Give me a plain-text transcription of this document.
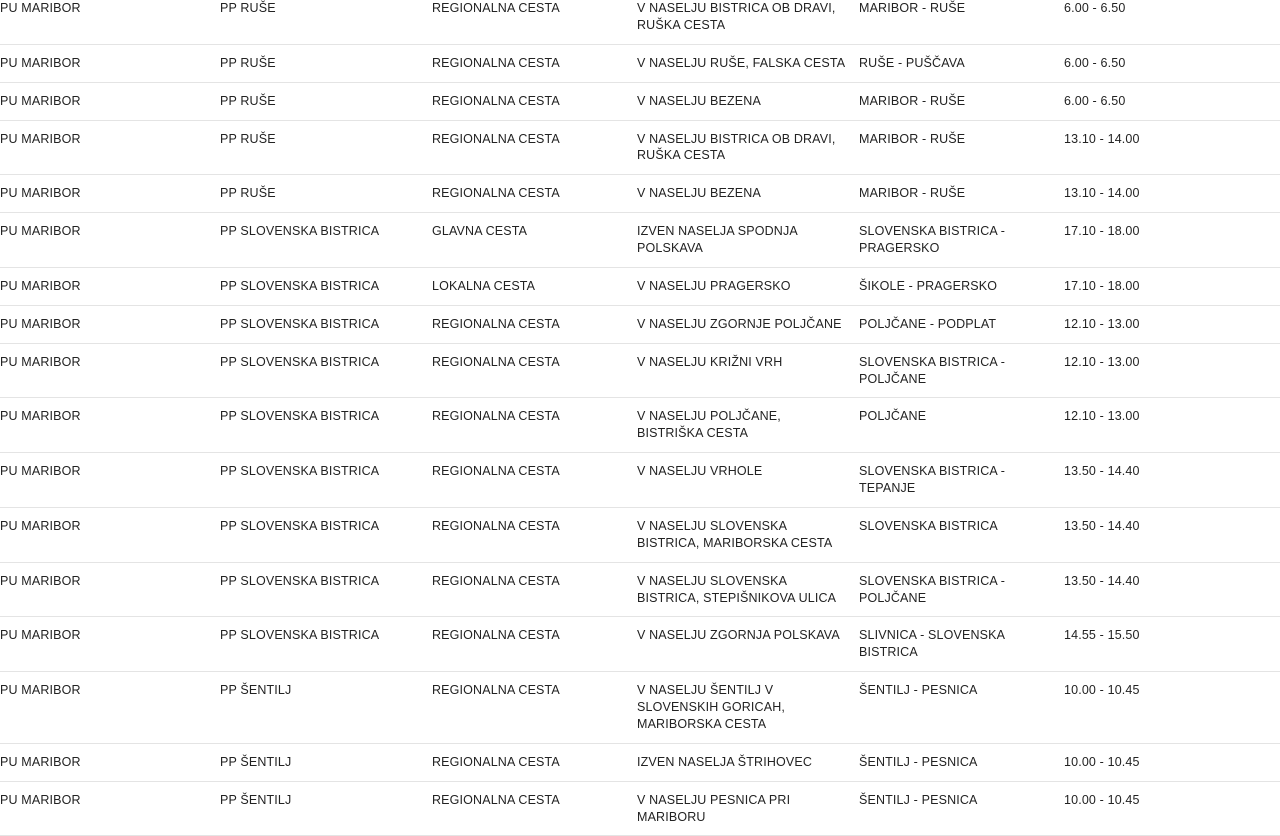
PU MARIBOR	PP RUŠE	REGIONALNA CESTA	V NASELJU BISTRICA OB DRAVI, RUŠKA CESTA	MARIBOR - RUŠE	6.00 - 6.50
PU MARIBOR	PP RUŠE	REGIONALNA CESTA	V NASELJU RUŠE, FALSKA CESTA	RUŠE - PUŠČAVA	6.00 - 6.50
PU MARIBOR	PP RUŠE	REGIONALNA CESTA	V NASELJU BEZENA	MARIBOR - RUŠE	6.00 - 6.50
PU MARIBOR	PP RUŠE	REGIONALNA CESTA	V NASELJU BISTRICA OB DRAVI, RUŠKA CESTA	MARIBOR - RUŠE	13.10 - 14.00
PU MARIBOR	PP RUŠE	REGIONALNA CESTA	V NASELJU BEZENA	MARIBOR - RUŠE	13.10 - 14.00
PU MARIBOR	PP SLOVENSKA BISTRICA	GLAVNA CESTA	IZVEN NASELJA SPODNJA POLSKAVA	SLOVENSKA BISTRICA - PRAGERSKO	17.10 - 18.00
PU MARIBOR	PP SLOVENSKA BISTRICA	LOKALNA CESTA	V NASELJU PRAGERSKO	ŠIKOLE - PRAGERSKO	17.10 - 18.00
PU MARIBOR	PP SLOVENSKA BISTRICA	REGIONALNA CESTA	V NASELJU ZGORNJE POLJČANE	POLJČANE - PODPLAT	12.10 - 13.00
PU MARIBOR	PP SLOVENSKA BISTRICA	REGIONALNA CESTA	V NASELJU KRIŽNI VRH	SLOVENSKA BISTRICA - POLJČANE	12.10 - 13.00
PU MARIBOR	PP SLOVENSKA BISTRICA	REGIONALNA CESTA	V NASELJU POLJČANE, BISTRIŠKA CESTA	POLJČANE	12.10 - 13.00
PU MARIBOR	PP SLOVENSKA BISTRICA	REGIONALNA CESTA	V NASELJU VRHOLE	SLOVENSKA BISTRICA - TEPANJE	13.50 - 14.40
PU MARIBOR	PP SLOVENSKA BISTRICA	REGIONALNA CESTA	V NASELJU SLOVENSKA BISTRICA, MARIBORSKA CESTA	SLOVENSKA BISTRICA	13.50 - 14.40
PU MARIBOR	PP SLOVENSKA BISTRICA	REGIONALNA CESTA	V NASELJU SLOVENSKA BISTRICA, STEPIŠNIKOVA ULICA	SLOVENSKA BISTRICA - POLJČANE	13.50 - 14.40
PU MARIBOR	PP SLOVENSKA BISTRICA	REGIONALNA CESTA	V NASELJU ZGORNJA POLSKAVA	SLIVNICA - SLOVENSKA BISTRICA	14.55 - 15.50
PU MARIBOR	PP ŠENTILJ	REGIONALNA CESTA	V NASELJU ŠENTILJ V SLOVENSKIH GORICAH, MARIBORSKA CESTA	ŠENTILJ - PESNICA	10.00 - 10.45
PU MARIBOR	PP ŠENTILJ	REGIONALNA CESTA	IZVEN NASELJA ŠTRIHOVEC	ŠENTILJ - PESNICA	10.00 - 10.45
PU MARIBOR	PP ŠENTILJ	REGIONALNA CESTA	V NASELJU PESNICA PRI MARIBORU	ŠENTILJ - PESNICA	10.00 - 10.45
